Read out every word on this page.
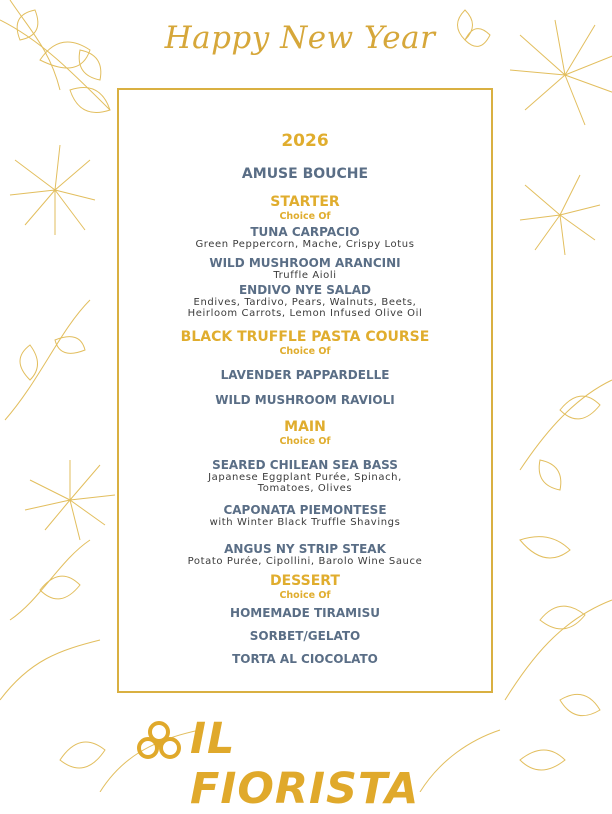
Happy New Year
2026
AMUSE BOUCHE
STARTER
Choice Of
TUNA CARPACIO
Green Peppercorn, Mache, Crispy Lotus
WILD MUSHROOM ARANCINI
Truffle Aioli
ENDIVO NYE SALAD
Endives, Tardivo, Pears, Walnuts, Beets,
Heirloom Carrots, Lemon Infused Olive Oil
BLACK TRUFFLE PASTA COURSE
Choice Of
LAVENDER PAPPARDELLE
WILD MUSHROOM RAVIOLI
MAIN
Choice Of
SEARED CHILEAN SEA BASS
Japanese Eggplant Purée, Spinach,
Tomatoes, Olives
CAPONATA PIEMONTESE
with Winter Black Truffle Shavings
ANGUS NY STRIP STEAK
Potato Purée, Cipollini, Barolo Wine Sauce
DESSERT
Choice Of
HOMEMADE TIRAMISU
SORBET/GELATO
TORTA AL CIOCOLATO
IL FIORISTA
